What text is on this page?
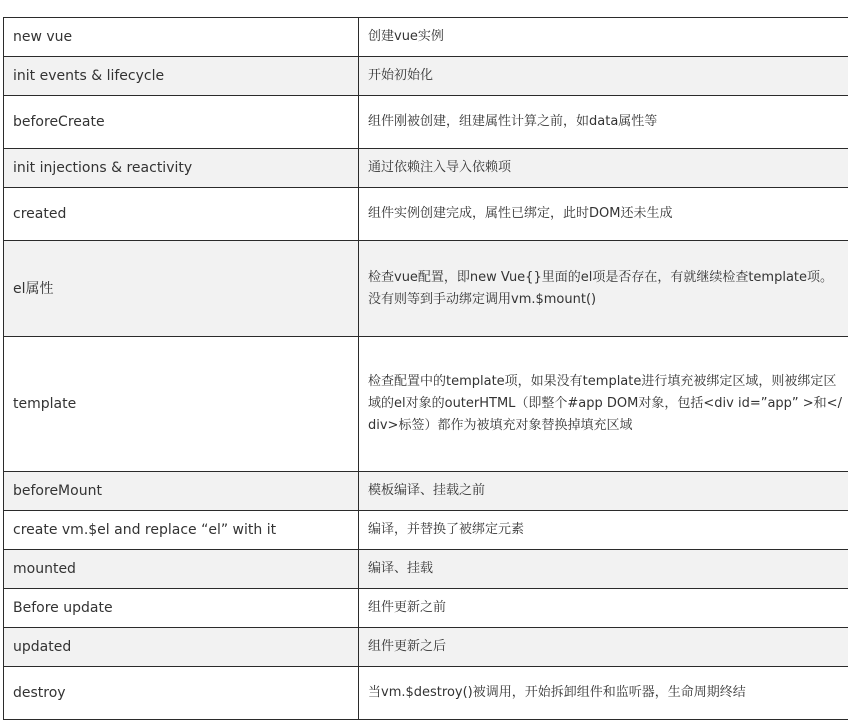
new vue	创建vue实例
init events & lifecycle	开始初始化
beforeCreate	组件刚被创建，组建属性计算之前，如data属性等
init injections & reactivity	通过依赖注入导入依赖项
created	组件实例创建完成，属性已绑定，此时DOM还未生成
el属性	检查vue配置，即new Vue{}里面的el项是否存在，有就继续检查template项。没有则等到手动绑定调用vm.$mount()
template	检查配置中的template项，如果没有template进行填充被绑定区域，则被绑定区域的el对象的outerHTML（即整个#app DOM对象，包括<div id=”app” >和</div>标签）都作为被填充对象替换掉填充区域
beforeMount	模板编译、挂载之前
create vm.$el and replace “el” with it	编译，并替换了被绑定元素
mounted	编译、挂载
Before update	组件更新之前
updated	组件更新之后
destroy	当vm.$destroy()被调用，开始拆卸组件和监听器，生命周期终结
